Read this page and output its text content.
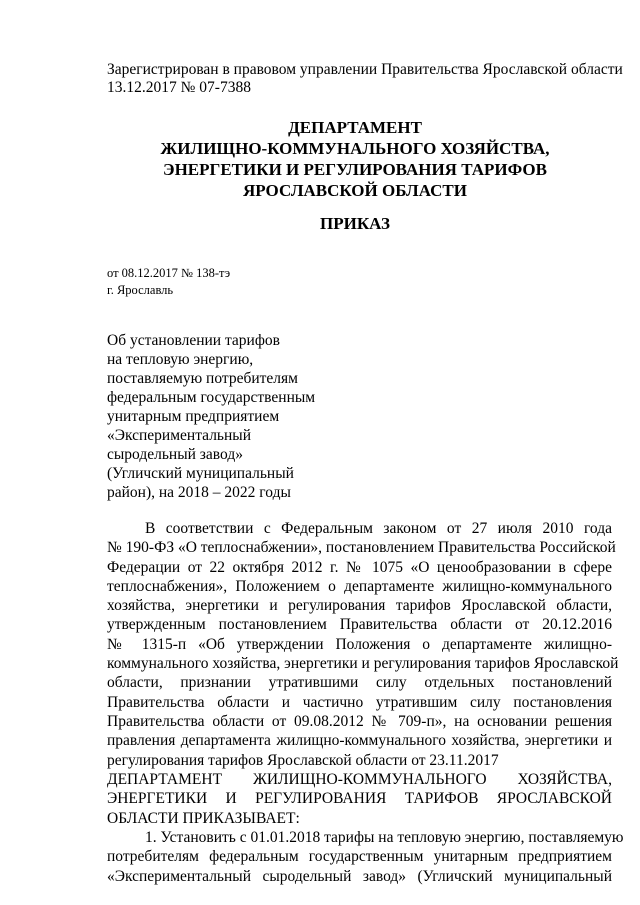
Зарегистрирован в правовом управлении Правительства Ярославской области
13.12.2017 № 07-7388
ДЕПАРТАМЕНТ
ЖИЛИЩНО-КОММУНАЛЬНОГО ХОЗЯЙСТВА,
ЭНЕРГЕТИКИ И РЕГУЛИРОВАНИЯ ТАРИФОВ
ЯРОСЛАВСКОЙ ОБЛАСТИ
ПРИКАЗ
от 08.12.2017 № 138-тэ
г. Ярославль
Об установлении тарифов
на тепловую энергию,
поставляемую потребителям
федеральным государственным
унитарным предприятием
«Экспериментальный
сыродельный завод»
(Угличский муниципальный
район), на 2018 – 2022 годы
В соответствии с Федеральным законом от 27 июля 2010 года
№ 190-ФЗ «О теплоснабжении», постановлением Правительства Российской
Федерации от 22 октября 2012 г. № 1075 «О ценообразовании в сфере
теплоснабжения», Положением о департаменте жилищно-коммунального
хозяйства, энергетики и регулирования тарифов Ярославской области,
утвержденным постановлением Правительства области от 20.12.2016
№ 1315-п «Об утверждении Положения о департаменте жилищно-
коммунального хозяйства, энергетики и регулирования тарифов Ярославской
области, признании утратившими силу отдельных постановлений
Правительства области и частично утратившим силу постановления
Правительства области от 09.08.2012 № 709-п», на основании решения
правления департамента жилищно-коммунального хозяйства, энергетики и
регулирования тарифов Ярославской области от 23.11.2017
ДЕПАРТАМЕНТ ЖИЛИЩНО-КОММУНАЛЬНОГО ХОЗЯЙСТВА,
ЭНЕРГЕТИКИ И РЕГУЛИРОВАНИЯ ТАРИФОВ ЯРОСЛАВСКОЙ
ОБЛАСТИ ПРИКАЗЫВАЕТ:
1. Установить с 01.01.2018 тарифы на тепловую энергию, поставляемую
потребителям федеральным государственным унитарным предприятием
«Экспериментальный сыродельный завод» (Угличский муниципальный
